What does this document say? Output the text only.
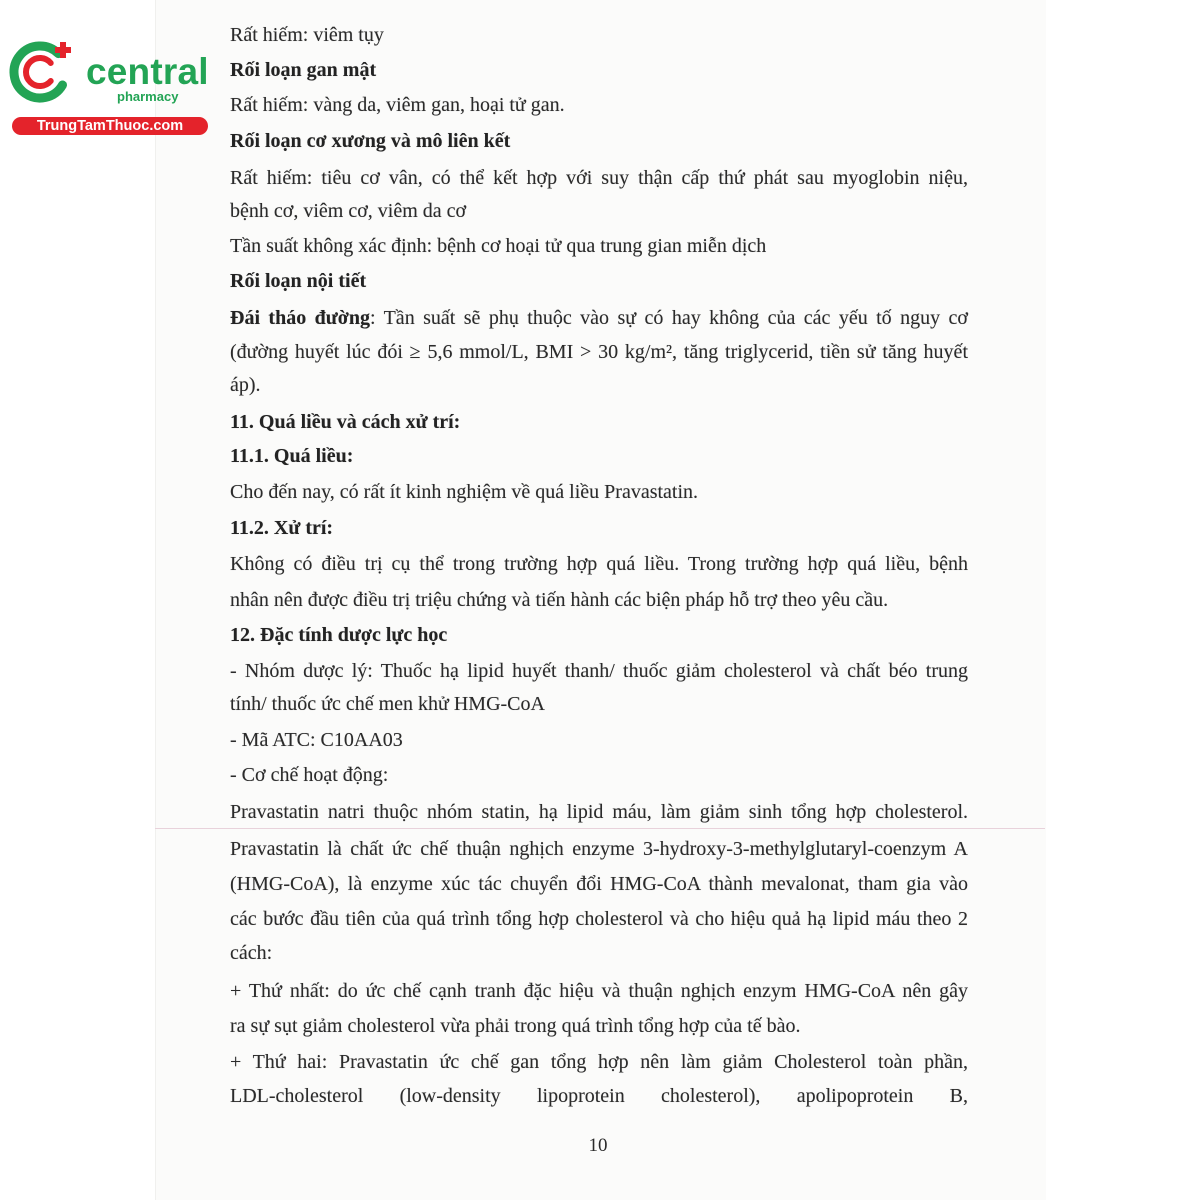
central
pharmacy
TrungTamThuoc.com
Rất hiếm: viêm tụy
Rối loạn gan mật
Rất hiếm: vàng da, viêm gan, hoại tử gan.
Rối loạn cơ xương và mô liên kết
Rất hiếm: tiêu cơ vân, có thể kết hợp với suy thận cấp thứ phát sau myoglobin niệu,
bệnh cơ, viêm cơ, viêm da cơ
Tần suất không xác định: bệnh cơ hoại tử qua trung gian miễn dịch
Rối loạn nội tiết
Đái tháo đường: Tần suất sẽ phụ thuộc vào sự có hay không của các yếu tố nguy cơ
(đường huyết lúc đói ≥ 5,6 mmol/L, BMI > 30 kg/m², tăng triglycerid, tiền sử tăng huyết
áp).
11. Quá liều và cách xử trí:
11.1. Quá liều:
Cho đến nay, có rất ít kinh nghiệm về quá liều Pravastatin.
11.2. Xử trí:
Không có điều trị cụ thể trong trường hợp quá liều. Trong trường hợp quá liều, bệnh
nhân nên được điều trị triệu chứng và tiến hành các biện pháp hỗ trợ theo yêu cầu.
12. Đặc tính dược lực học
- Nhóm dược lý: Thuốc hạ lipid huyết thanh/ thuốc giảm cholesterol và chất béo trung
tính/ thuốc ức chế men khử HMG-CoA
- Mã ATC: C10AA03
- Cơ chế hoạt động:
Pravastatin natri thuộc nhóm statin, hạ lipid máu, làm giảm sinh tổng hợp cholesterol.
Pravastatin là chất ức chế thuận nghịch enzyme 3-hydroxy-3-methylglutaryl-coenzym A
(HMG-CoA), là enzyme xúc tác chuyển đổi HMG-CoA thành mevalonat, tham gia vào
các bước đầu tiên của quá trình tổng hợp cholesterol và cho hiệu quả hạ lipid máu theo 2
cách:
+ Thứ nhất: do ức chế cạnh tranh đặc hiệu và thuận nghịch enzym HMG-CoA nên gây
ra sự sụt giảm cholesterol vừa phải trong quá trình tổng hợp của tế bào.
+ Thứ hai: Pravastatin ức chế gan tổng hợp nên làm giảm Cholesterol toàn phần,
LDL-cholesterol (low-density lipoprotein cholesterol), apolipoprotein B,
10
